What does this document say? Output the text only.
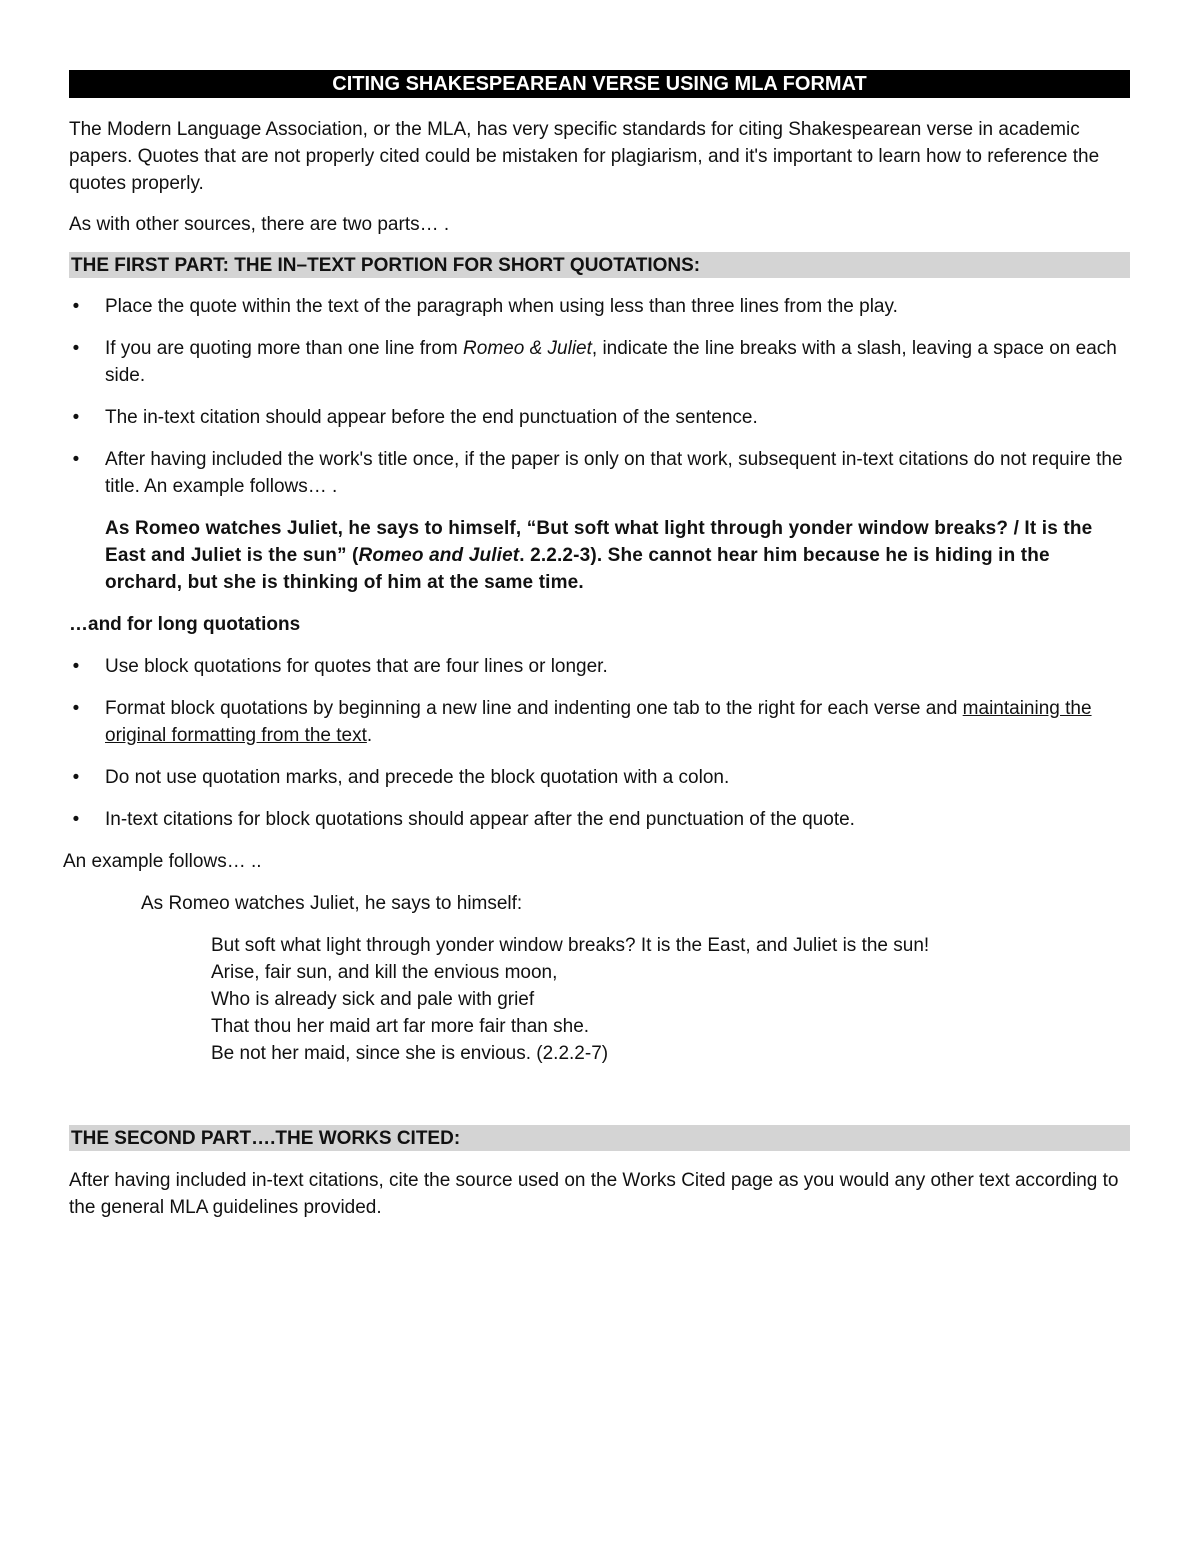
CITING SHAKESPEAREAN VERSE USING MLA FORMAT

The Modern Language Association, or the MLA, has very specific standards for citing Shakespearean verse in academic papers. Quotes that are not properly cited could be mistaken for plagiarism, and it's important to learn how to reference the quotes properly.

As with other sources, there are two parts… .

THE FIRST PART: THE IN–TEXT PORTION FOR SHORT QUOTATIONS:
• Place the quote within the text of the paragraph when using less than three lines from the play.
• If you are quoting more than one line from Romeo & Juliet, indicate the line breaks with a slash, leaving a space on each side.
• The in-text citation should appear before the end punctuation of the sentence.
• After having included the work's title once, if the paper is only on that work, subsequent in-text citations do not require the title. An example follows… .

As Romeo watches Juliet, he says to himself, “But soft what light through yonder window breaks? / It is the East and Juliet is the sun” (Romeo and Juliet. 2.2.2-3). She cannot hear him because he is hiding in the orchard, but she is thinking of him at the same time.

…and for long quotations

• Use block quotations for quotes that are four lines or longer.
• Format block quotations by beginning a new line and indenting one tab to the right for each verse and maintaining the original formatting from the text.
• Do not use quotation marks, and precede the block quotation with a colon.
• In-text citations for block quotations should appear after the end punctuation of the quote.

An example follows… ..

As Romeo watches Juliet, he says to himself:

But soft what light through yonder window breaks? It is the East, and Juliet is the sun!
Arise, fair sun, and kill the envious moon,
Who is already sick and pale with grief
That thou her maid art far more fair than she.
Be not her maid, since she is envious. (2.2.2-7)
THE SECOND PART….THE WORKS CITED:

After having included in-text citations, cite the source used on the Works Cited page as you would any other text according to the general MLA guidelines provided.
